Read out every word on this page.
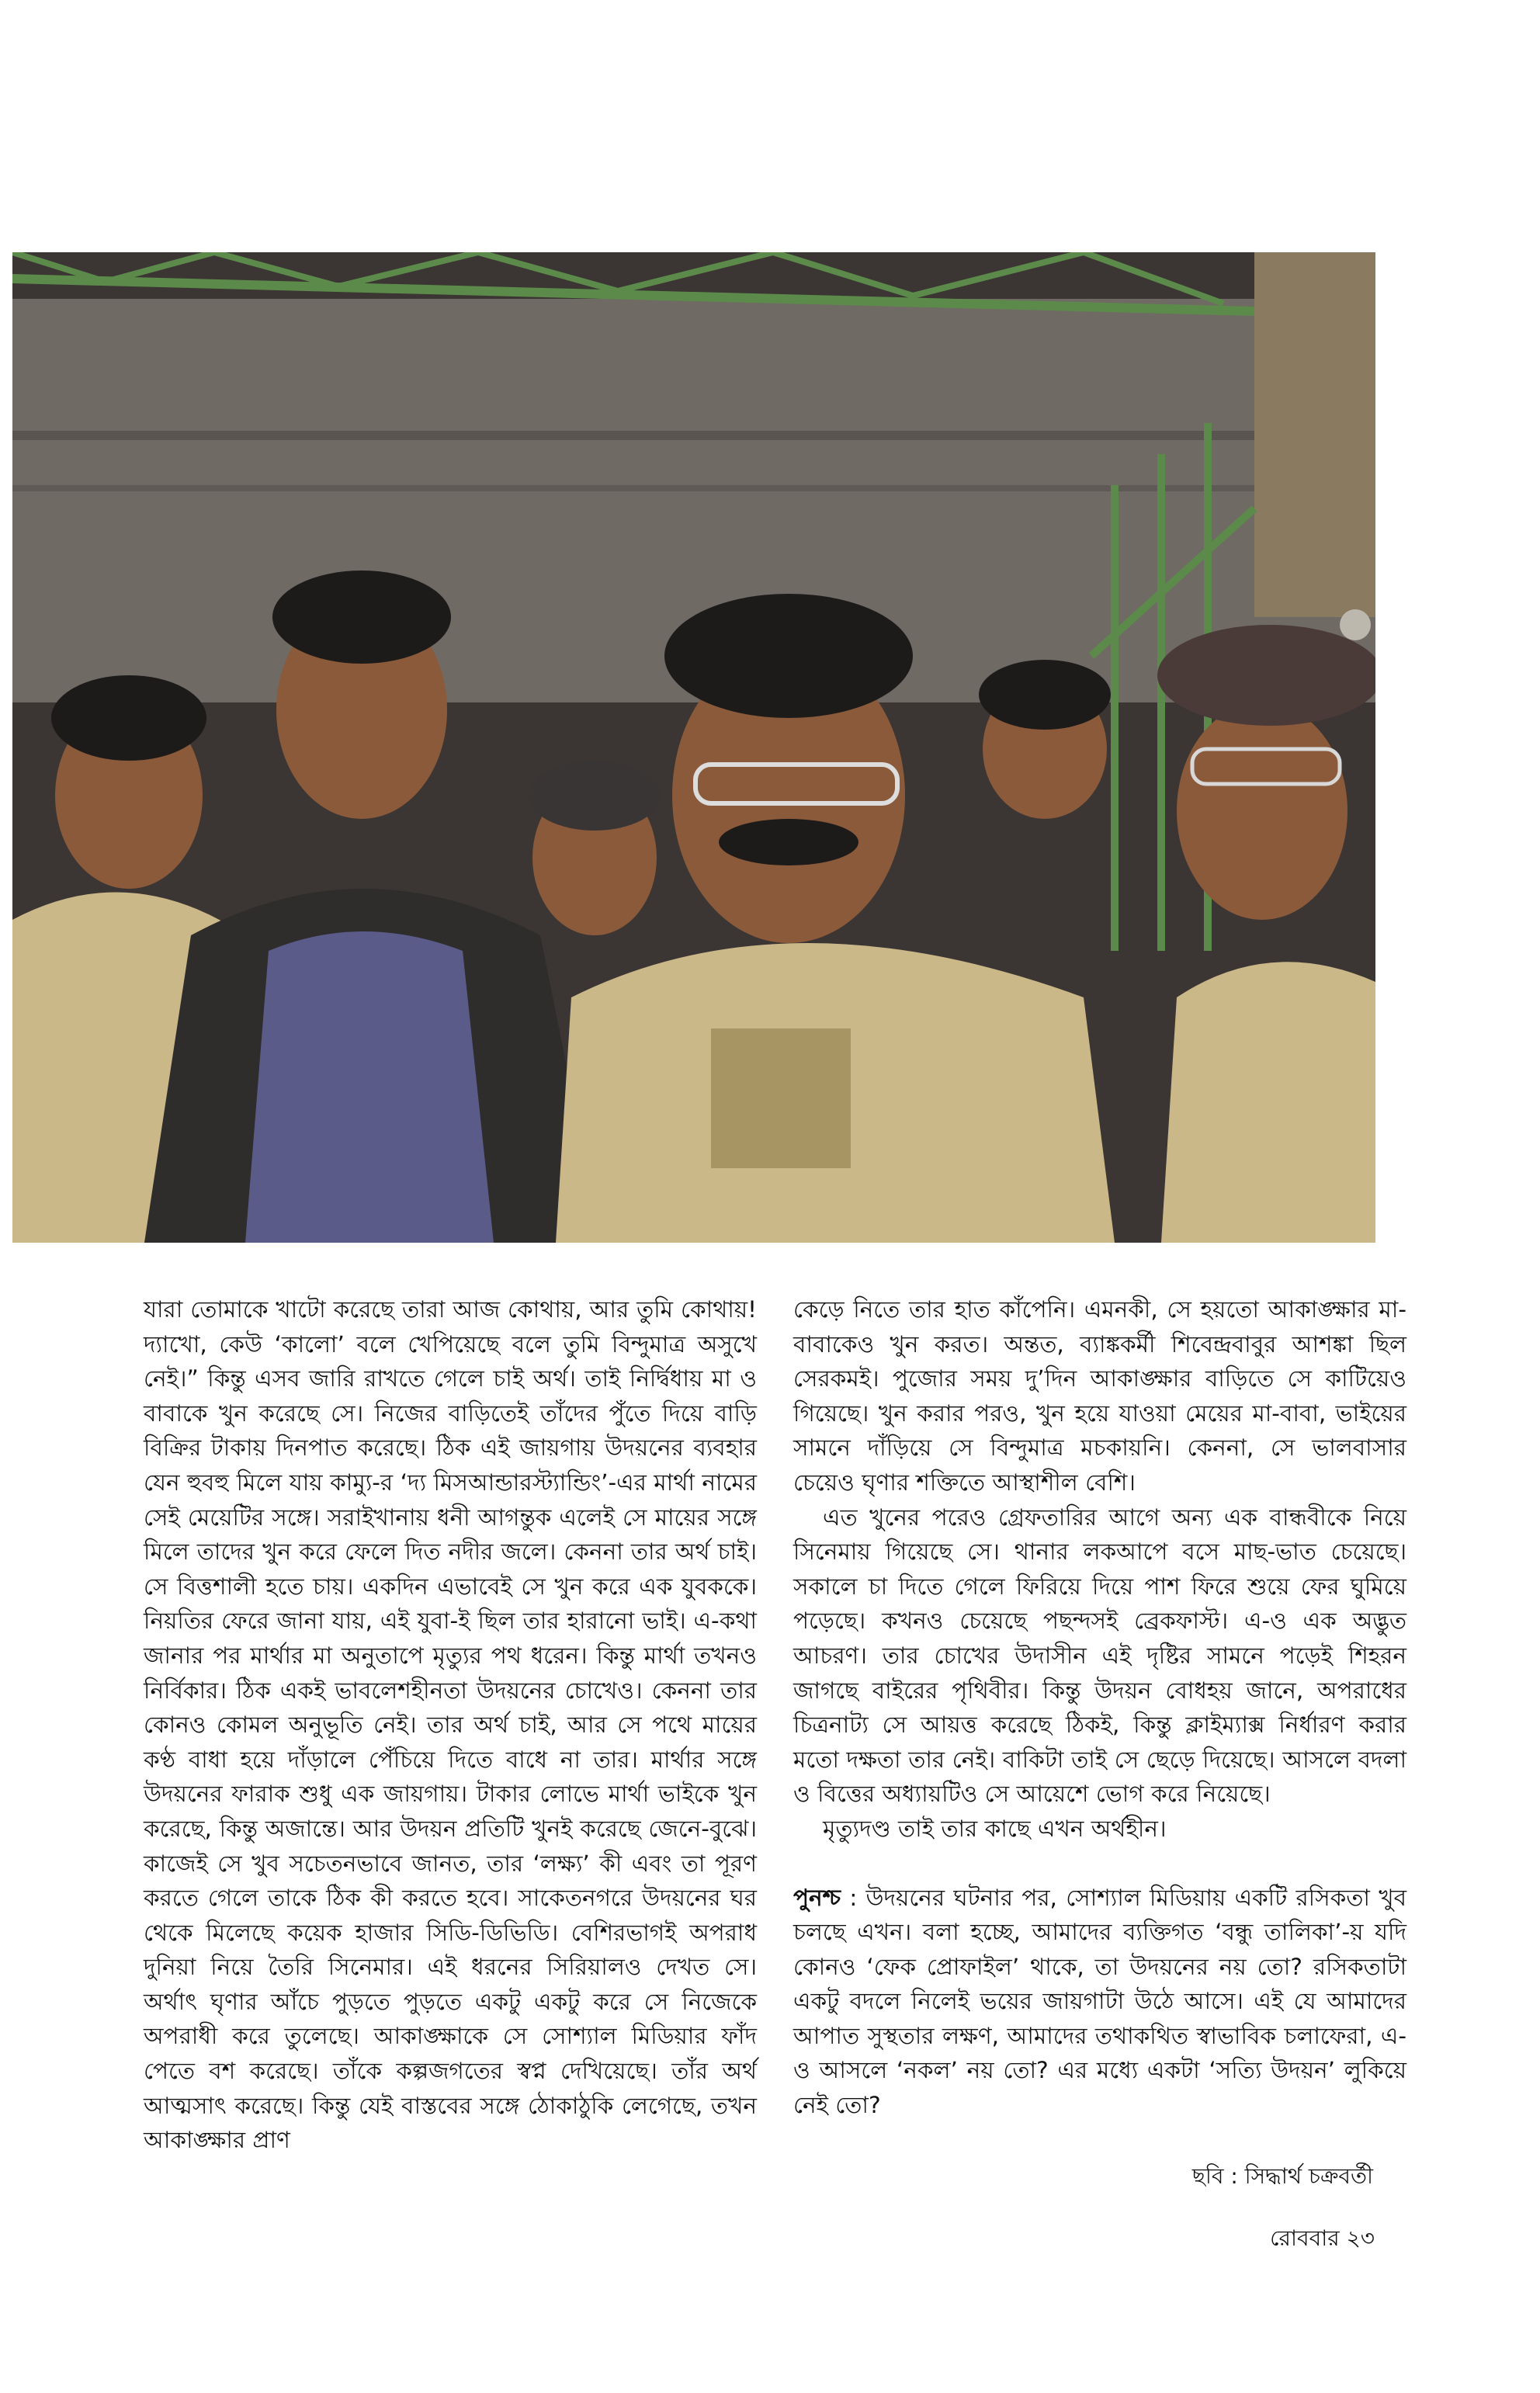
যারা তোমাকে খাটো করেছে তারা আজ কোথায়, আর তুমি কোথায়! দ্যাখো, কেউ ‘কালো’ বলে খেপিয়েছে বলে তুমি বিন্দুমাত্র অসুখে নেই।” কিন্তু এসব জারি রাখতে গেলে চাই অর্থ। তাই নির্দ্বিধায় মা ও বাবাকে খুন করেছে সে। নিজের বাড়িতেই তাঁদের পুঁতে দিয়ে বাড়ি বিক্রির টাকায় দিনপাত করেছে। ঠিক এই জায়গায় উদয়নের ব্যবহার যেন হুবহু মিলে যায় কাম্যু-র ‘দ্য মিসআন্ডারস্ট্যান্ডিং’-এর মার্থা নামের সেই মেয়েটির সঙ্গে। সরাইখানায় ধনী আগন্তুক এলেই সে মায়ের সঙ্গে মিলে তাদের খুন করে ফেলে দিত নদীর জলে। কেননা তার অর্থ চাই। সে বিত্তশালী হতে চায়। একদিন এভাবেই সে খুন করে এক যুবককে। নিয়তির ফেরে জানা যায়, এই যুবা-ই ছিল তার হারানো ভাই। এ-কথা জানার পর মার্থার মা অনুতাপে মৃত্যুর পথ ধরেন। কিন্তু মার্থা তখনও নির্বিকার। ঠিক একই ভাবলেশহীনতা উদয়নের চোখেও। কেননা তার কোনও কোমল অনুভূতি নেই। তার অর্থ চাই, আর সে পথে মায়ের কণ্ঠ বাধা হয়ে দাঁড়ালে পেঁচিয়ে দিতে বাধে না তার। মার্থার সঙ্গে উদয়নের ফারাক শুধু এক জায়গায়। টাকার লোভে মার্থা ভাইকে খুন করেছে, কিন্তু অজান্তে। আর উদয়ন প্রতিটি খুনই করেছে জেনে-বুঝে। কাজেই সে খুব সচেতনভাবে জানত, তার ‘লক্ষ্য’ কী এবং তা পূরণ করতে গেলে তাকে ঠিক কী করতে হবে। সাকেতনগরে উদয়নের ঘর থেকে মিলেছে কয়েক হাজার সিডি-ডিভিডি। বেশিরভাগই অপরাধ দুনিয়া নিয়ে তৈরি সিনেমার। এই ধরনের সিরিয়ালও দেখত সে। অর্থাৎ ঘৃণার আঁচে পুড়তে পুড়তে একটু একটু করে সে নিজেকে অপরাধী করে তুলেছে। আকাঙ্ক্ষাকে সে সোশ্যাল মিডিয়ার ফাঁদ পেতে বশ করেছে। তাঁকে কল্পজগতের স্বপ্ন দেখিয়েছে। তাঁর অর্থ আত্মসাৎ করেছে। কিন্তু যেই বাস্তবের সঙ্গে ঠোকাঠুকি লেগেছে, তখন আকাঙ্ক্ষার প্রাণ

কেড়ে নিতে তার হাত কাঁপেনি। এমনকী, সে হয়তো আকাঙ্ক্ষার মা-বাবাকেও খুন করত। অন্তত, ব্যাঙ্ককর্মী শিবেন্দ্রবাবুর আশঙ্কা ছিল সেরকমই। পুজোর সময় দু’দিন আকাঙ্ক্ষার বাড়িতে সে কাটিয়েও গিয়েছে। খুন করার পরও, খুন হয়ে যাওয়া মেয়ের মা-বাবা, ভাইয়ের সামনে দাঁড়িয়ে সে বিন্দুমাত্র মচকায়নি। কেননা, সে ভালবাসার চেয়েও ঘৃণার শক্তিতে আস্থাশীল বেশি।

এত খুনের পরেও গ্রেফতারির আগে অন্য এক বান্ধবীকে নিয়ে সিনেমায় গিয়েছে সে। থানার লকআপে বসে মাছ-ভাত চেয়েছে। সকালে চা দিতে গেলে ফিরিয়ে দিয়ে পাশ ফিরে শুয়ে ফের ঘুমিয়ে পড়েছে। কখনও চেয়েছে পছন্দসই ব্রেকফাস্ট। এ-ও এক অদ্ভুত আচরণ। তার চোখের উদাসীন এই দৃষ্টির সামনে পড়েই শিহরন জাগছে বাইরের পৃথিবীর। কিন্তু উদয়ন বোধহয় জানে, অপরাধের চিত্রনাট্য সে আয়ত্ত করেছে ঠিকই, কিন্তু ক্লাইম্যাক্স নির্ধারণ করার মতো দক্ষতা তার নেই। বাকিটা তাই সে ছেড়ে দিয়েছে। আসলে বদলা ও বিত্তের অধ্যায়টিও সে আয়েশে ভোগ করে নিয়েছে।

মৃত্যুদণ্ড তাই তার কাছে এখন অর্থহীন।

পুনশ্চ : উদয়নের ঘটনার পর, সোশ্যাল মিডিয়ায় একটি রসিকতা খুব চলছে এখন। বলা হচ্ছে, আমাদের ব্যক্তিগত ‘বন্ধু তালিকা’-য় যদি কোনও ‘ফেক প্রোফাইল’ থাকে, তা উদয়নের নয় তো? রসিকতাটা একটু বদলে নিলেই ভয়ের জায়গাটা উঠে আসে। এই যে আমাদের আপাত সুস্থতার লক্ষণ, আমাদের তথাকথিত স্বাভাবিক চলাফেরা, এ-ও আসলে ‘নকল’ নয় তো? এর মধ্যে একটা ‘সত্যি উদয়ন’ লুকিয়ে নেই তো?

ছবি : সিদ্ধার্থ চক্রবর্তী
রোববার ২৩
